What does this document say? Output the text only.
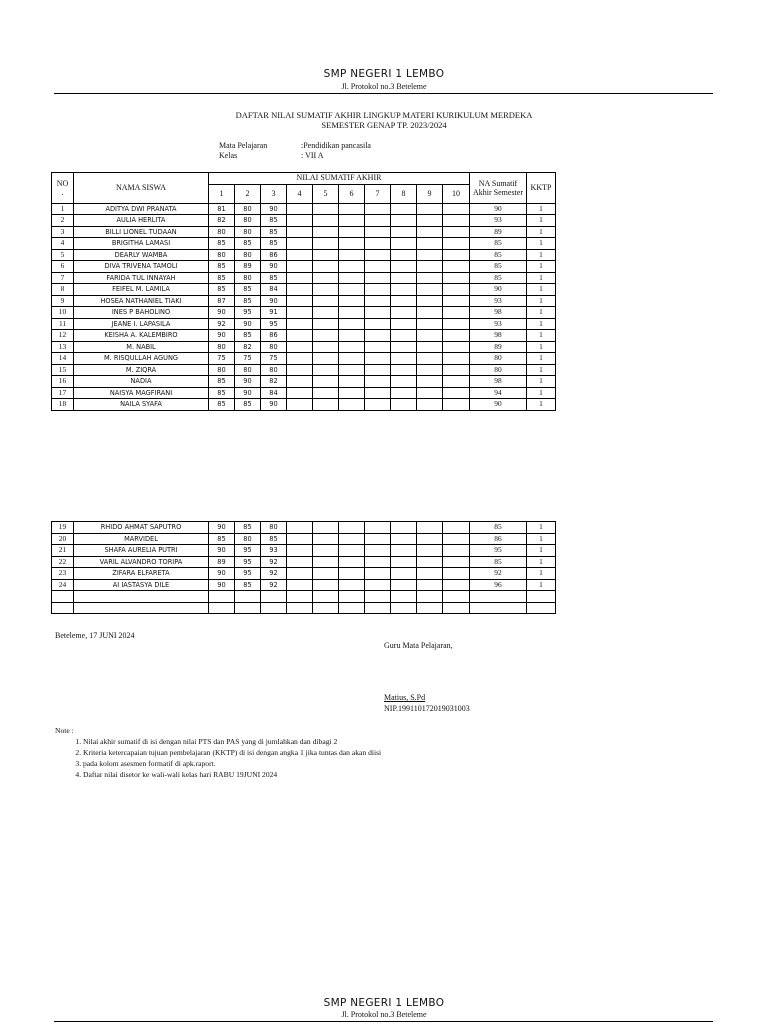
SMP NEGERI 1 LEMBO
Jl. Protokol no.3 Beteleme
DAFTAR NILAI SUMATIF AKHIR LINGKUP MATERI KURIKULUM MERDEKA
SEMESTER GENAP TP. 2023/2024
Mata Pelajaran	:Pendidikan pancasila
Kelas	: VII A
NO
.	NAMA SISWA	NILAI SUMATIF AKHIR										NA Sumatif Akhir Semester	KKTP
		1	2	3	4	5	6	7	8	9	10		
1	ADITYA DWI PRANATA	81	80	90								90	1
2	AULIA HERLITA	82	80	85								93	1
3	BILLI LIONEL TUDAAN	80	80	85								89	1
4	BRIGITHA LAMASI	85	85	85								85	1
5	DEARLY WAMBA	80	80	86								85	1
6	DIVA TRIVENA TAMOLI	85	89	90								85	1
7	FARIDA TUL INNAYAH	85	80	85								85	1
8	FEIFEL M. LAMILA	85	85	84								90	1
9	HOSEA NATHANIEL TIAKI	87	85	90								93	1
10	INES P BAHOLINO	90	95	91								98	1
11	JEANE I. LAPASILA	92	90	95								93	1
12	KEISHA A. KALEMBIRO	90	85	86								98	1
13	M. NABIL	80	82	80								89	1
14	M. RISQULLAH AGUNG	75	75	75								80	1
15	M. ZIQRA	80	80	80								80	1
16	NADIA	85	90	82								98	1
17	NAISYA MAGFIRANI	85	90	84								94	1
18	NAILA SYAFA	85	85	90								90	1
19	RHIDO AHMAT SAPUTRO	90	85	80								85	1
20	MARVIDEL	85	80	85								86	1
21	SHAFA AURELIA PUTRI	90	95	93								95	1
22	VARIL ALVANDRO TORIPA	89	95	92								85	1
23	ZIFARA ELFARETA	90	95	92								92	1
24	AI IASTASYA DILE	90	85	92								96	1

Beteleme, 17 JUNI 2024
Guru Mata Pelajaran,
Matius, S.Pd
NIP.199110172019031003
Note :
1. Nilai akhir sumatif di isi dengan nilai PTS dan PAS yang di jumlahkan dan dibagi 2
2. Kriteria ketercapaian tujuan pembelajaran (KKTP) di isi dengan angka 1 jika tuntas dan akan diisi
3. pada kolom asesmen formatif di apk.raport.
4. Daftar nilai disetor ke wali-wali kelas hari RABU 19JUNI 2024
SMP NEGERI 1 LEMBO
Jl. Protokol no.3 Beteleme
